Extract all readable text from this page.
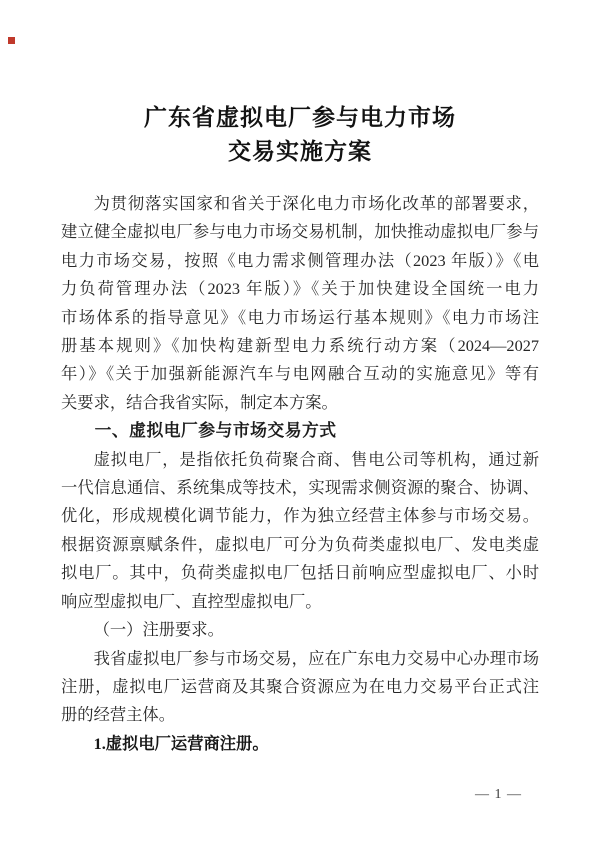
广东省虚拟电厂参与电力市场
交易实施方案
为贯彻落实国家和省关于深化电力市场化改革的部署要求，
建立健全虚拟电厂参与电力市场交易机制，加快推动虚拟电厂参与
电力市场交易，按照《电力需求侧管理办法（2023 年版）》《电
力负荷管理办法（2023 年版）》《关于加快建设全国统一电力
市场体系的指导意见》《电力市场运行基本规则》《电力市场注
册基本规则》《加快构建新型电力系统行动方案（2024—2027
年）》《关于加强新能源汽车与电网融合互动的实施意见》等有
关要求，结合我省实际，制定本方案。
一、虚拟电厂参与市场交易方式
虚拟电厂，是指依托负荷聚合商、售电公司等机构，通过新
一代信息通信、系统集成等技术，实现需求侧资源的聚合、协调、
优化，形成规模化调节能力，作为独立经营主体参与市场交易。
根据资源禀赋条件，虚拟电厂可分为负荷类虚拟电厂、发电类虚
拟电厂。其中，负荷类虚拟电厂包括日前响应型虚拟电厂、小时
响应型虚拟电厂、直控型虚拟电厂。
（一）注册要求。
我省虚拟电厂参与市场交易，应在广东电力交易中心办理市场
注册，虚拟电厂运营商及其聚合资源应为在电力交易平台正式注
册的经营主体。
1.虚拟电厂运营商注册。
— 1 —
